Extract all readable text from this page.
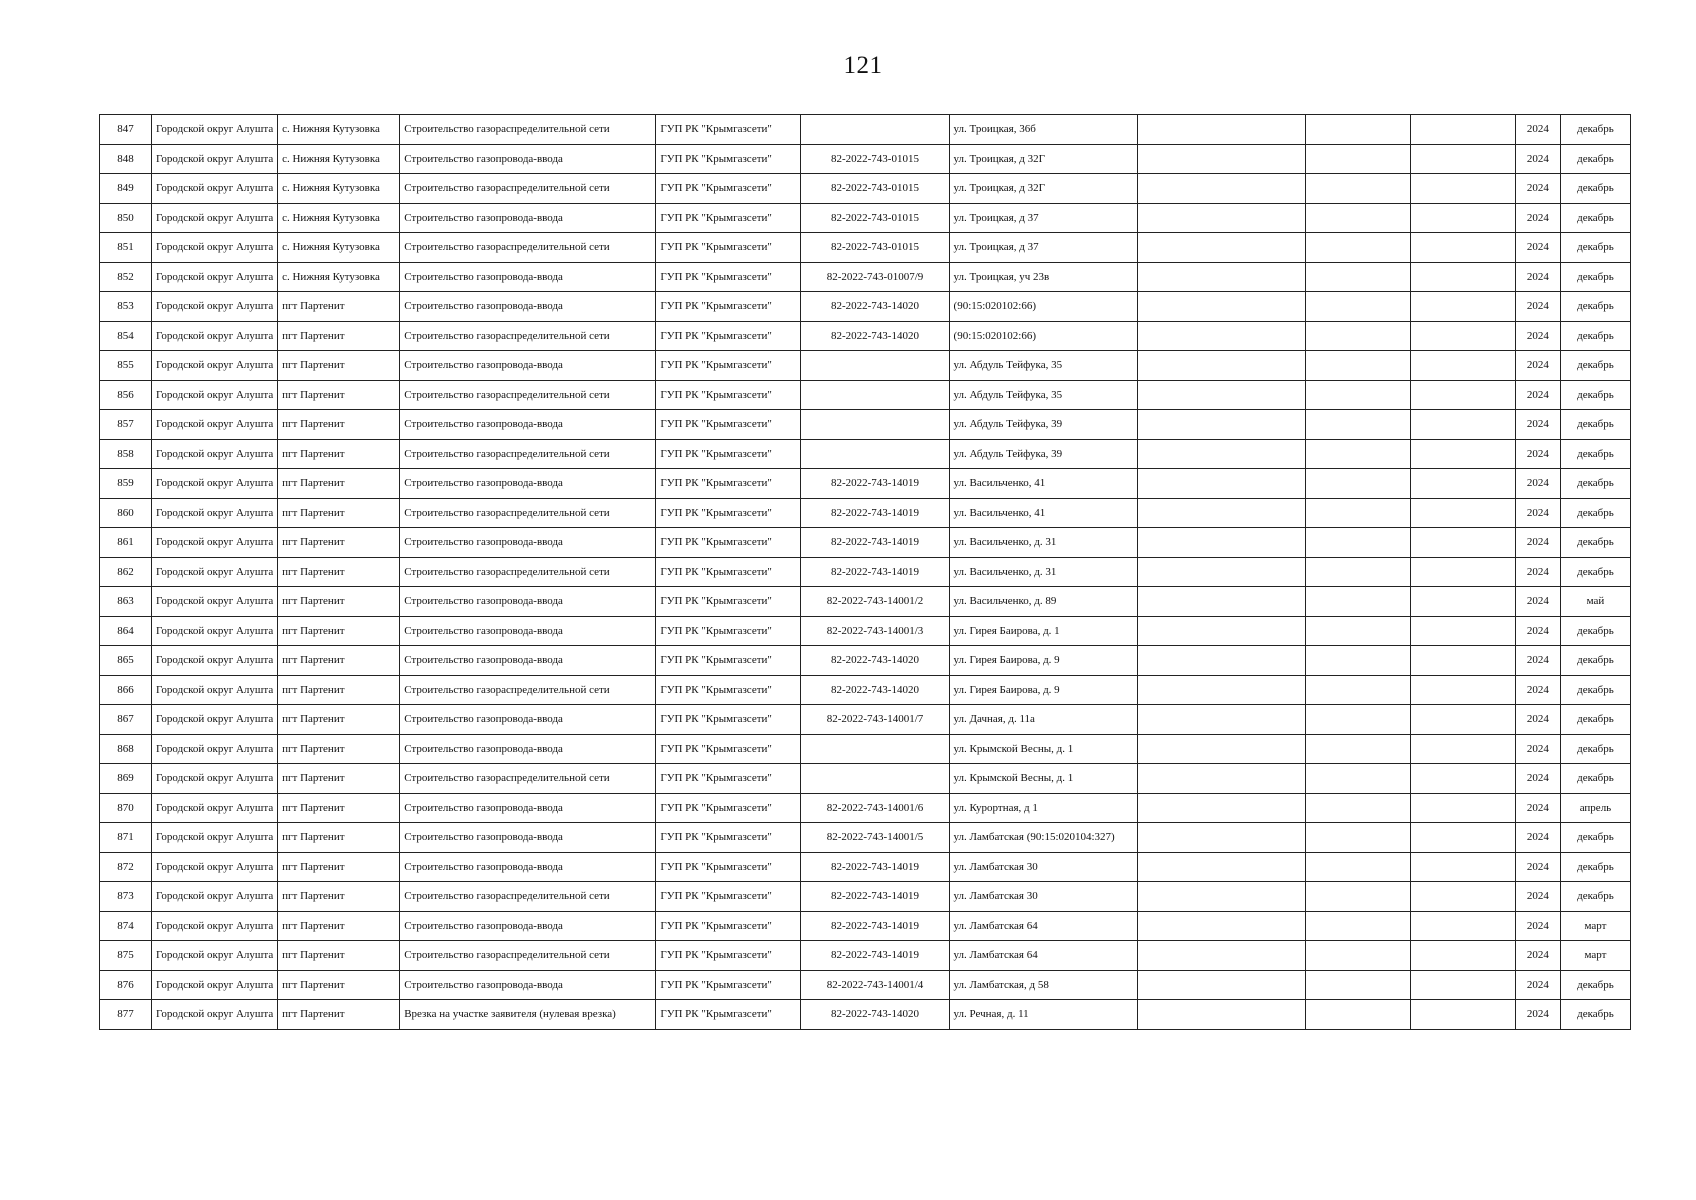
121
847	Городской округ Алушта	с. Нижняя Кутузовка	Строительство газораспределительной сети	ГУП РК "Крымгазсети"		ул. Троицкая, 36б				2024	декабрь
848	Городской округ Алушта	с. Нижняя Кутузовка	Строительство газопровода-ввода	ГУП РК "Крымгазсети"	82-2022-743-01015	ул. Троицкая, д 32Г				2024	декабрь
849	Городской округ Алушта	с. Нижняя Кутузовка	Строительство газораспределительной сети	ГУП РК "Крымгазсети"	82-2022-743-01015	ул. Троицкая, д 32Г				2024	декабрь
850	Городской округ Алушта	с. Нижняя Кутузовка	Строительство газопровода-ввода	ГУП РК "Крымгазсети"	82-2022-743-01015	ул. Троицкая, д 37				2024	декабрь
851	Городской округ Алушта	с. Нижняя Кутузовка	Строительство газораспределительной сети	ГУП РК "Крымгазсети"	82-2022-743-01015	ул. Троицкая, д 37				2024	декабрь
852	Городской округ Алушта	с. Нижняя Кутузовка	Строительство газопровода-ввода	ГУП РК "Крымгазсети"	82-2022-743-01007/9	ул. Троицкая, уч 23в				2024	декабрь
853	Городской округ Алушта	пгт Партенит	Строительство газопровода-ввода	ГУП РК "Крымгазсети"	82-2022-743-14020	(90:15:020102:66)				2024	декабрь
854	Городской округ Алушта	пгт Партенит	Строительство газораспределительной сети	ГУП РК "Крымгазсети"	82-2022-743-14020	(90:15:020102:66)				2024	декабрь
855	Городской округ Алушта	пгт Партенит	Строительство газопровода-ввода	ГУП РК "Крымгазсети"		ул. Абдуль Тейфука, 35				2024	декабрь
856	Городской округ Алушта	пгт Партенит	Строительство газораспределительной сети	ГУП РК "Крымгазсети"		ул. Абдуль Тейфука, 35				2024	декабрь
857	Городской округ Алушта	пгт Партенит	Строительство газопровода-ввода	ГУП РК "Крымгазсети"		ул. Абдуль Тейфука, 39				2024	декабрь
858	Городской округ Алушта	пгт Партенит	Строительство газораспределительной сети	ГУП РК "Крымгазсети"		ул. Абдуль Тейфука, 39				2024	декабрь
859	Городской округ Алушта	пгт Партенит	Строительство газопровода-ввода	ГУП РК "Крымгазсети"	82-2022-743-14019	ул. Васильченко, 41				2024	декабрь
860	Городской округ Алушта	пгт Партенит	Строительство газораспределительной сети	ГУП РК "Крымгазсети"	82-2022-743-14019	ул. Васильченко, 41				2024	декабрь
861	Городской округ Алушта	пгт Партенит	Строительство газопровода-ввода	ГУП РК "Крымгазсети"	82-2022-743-14019	ул. Васильченко, д. 31				2024	декабрь
862	Городской округ Алушта	пгт Партенит	Строительство газораспределительной сети	ГУП РК "Крымгазсети"	82-2022-743-14019	ул. Васильченко, д. 31				2024	декабрь
863	Городской округ Алушта	пгт Партенит	Строительство газопровода-ввода	ГУП РК "Крымгазсети"	82-2022-743-14001/2	ул. Васильченко, д. 89				2024	май
864	Городской округ Алушта	пгт Партенит	Строительство газопровода-ввода	ГУП РК "Крымгазсети"	82-2022-743-14001/3	ул. Гирея Баирова, д. 1				2024	декабрь
865	Городской округ Алушта	пгт Партенит	Строительство газопровода-ввода	ГУП РК "Крымгазсети"	82-2022-743-14020	ул. Гирея Баирова, д. 9				2024	декабрь
866	Городской округ Алушта	пгт Партенит	Строительство газораспределительной сети	ГУП РК "Крымгазсети"	82-2022-743-14020	ул. Гирея Баирова, д. 9				2024	декабрь
867	Городской округ Алушта	пгт Партенит	Строительство газопровода-ввода	ГУП РК "Крымгазсети"	82-2022-743-14001/7	ул. Дачная, д. 11а				2024	декабрь
868	Городской округ Алушта	пгт Партенит	Строительство газопровода-ввода	ГУП РК "Крымгазсети"		ул. Крымской Весны, д. 1				2024	декабрь
869	Городской округ Алушта	пгт Партенит	Строительство газораспределительной сети	ГУП РК "Крымгазсети"		ул. Крымской Весны, д. 1				2024	декабрь
870	Городской округ Алушта	пгт Партенит	Строительство газопровода-ввода	ГУП РК "Крымгазсети"	82-2022-743-14001/6	ул. Курортная, д 1				2024	апрель
871	Городской округ Алушта	пгт Партенит	Строительство газопровода-ввода	ГУП РК "Крымгазсети"	82-2022-743-14001/5	ул. Ламбатская (90:15:020104:327)				2024	декабрь
872	Городской округ Алушта	пгт Партенит	Строительство газопровода-ввода	ГУП РК "Крымгазсети"	82-2022-743-14019	ул. Ламбатская 30				2024	декабрь
873	Городской округ Алушта	пгт Партенит	Строительство газораспределительной сети	ГУП РК "Крымгазсети"	82-2022-743-14019	ул. Ламбатская 30				2024	декабрь
874	Городской округ Алушта	пгт Партенит	Строительство газопровода-ввода	ГУП РК "Крымгазсети"	82-2022-743-14019	ул. Ламбатская 64				2024	март
875	Городской округ Алушта	пгт Партенит	Строительство газораспределительной сети	ГУП РК "Крымгазсети"	82-2022-743-14019	ул. Ламбатская 64				2024	март
876	Городской округ Алушта	пгт Партенит	Строительство газопровода-ввода	ГУП РК "Крымгазсети"	82-2022-743-14001/4	ул. Ламбатская, д 58				2024	декабрь
877	Городской округ Алушта	пгт Партенит	Врезка на участке заявителя (нулевая врезка)	ГУП РК "Крымгазсети"	82-2022-743-14020	ул. Речная, д. 11				2024	декабрь
